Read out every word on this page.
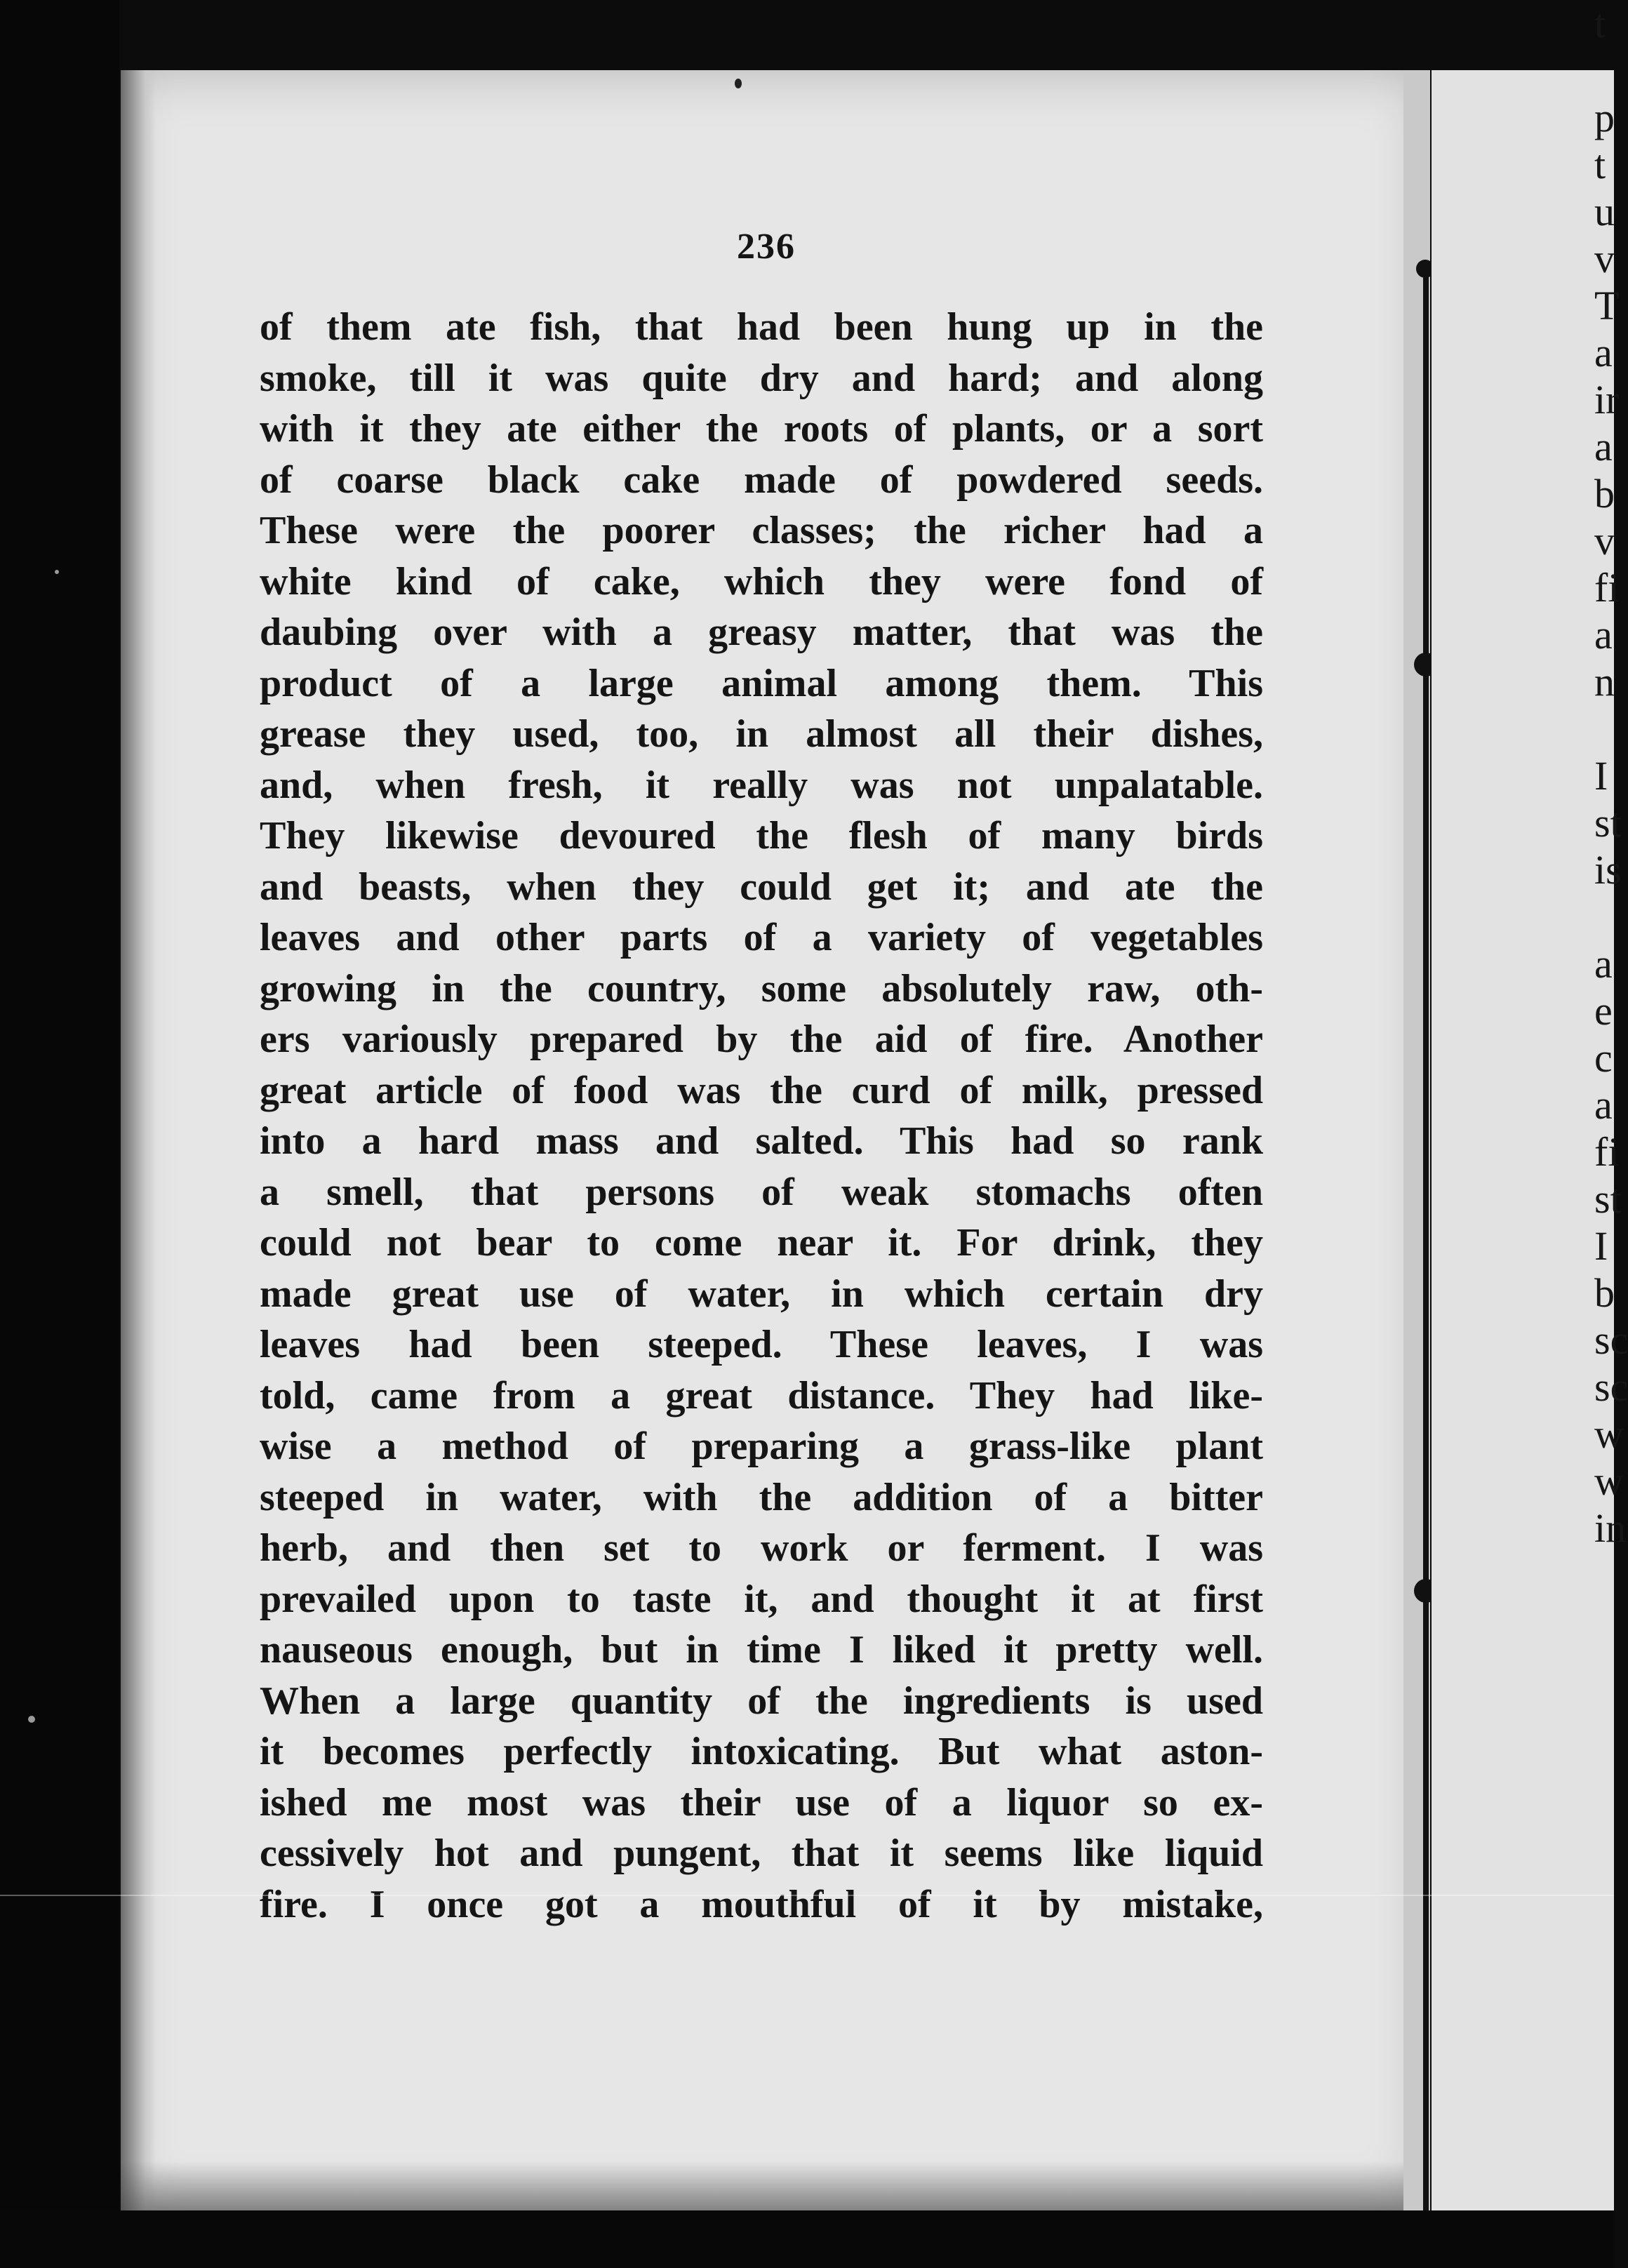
t

p
t
u
v
T
a
ir
a
b
v
fi
a
n

I
st
is

a
e
c
a
fi
st
I
b
sc
sc
w
w
in
236
of them ate fish, that had been hung up in the
smoke, till it was quite dry and hard; and along
with it they ate either the roots of plants, or a sort
of coarse black cake made of powdered seeds.
These were the poorer classes; the richer had a
white kind of cake, which they were fond of
daubing over with a greasy matter, that was the
product of a large animal among them. This
grease they used, too, in almost all their dishes,
and, when fresh, it really was not unpalatable.
They likewise devoured the flesh of many birds
and beasts, when they could get it; and ate the
leaves and other parts of a variety of vegetables
growing in the country, some absolutely raw, oth-
ers variously prepared by the aid of fire. Another
great article of food was the curd of milk, pressed
into a hard mass and salted. This had so rank
a smell, that persons of weak stomachs often
could not bear to come near it. For drink, they
made great use of water, in which certain dry
leaves had been steeped. These leaves, I was
told, came from a great distance. They had like-
wise a method of preparing a grass-like plant
steeped in water, with the addition of a bitter
herb, and then set to work or ferment. I was
prevailed upon to taste it, and thought it at first
nauseous enough, but in time I liked it pretty well.
When a large quantity of the ingredients is used
it becomes perfectly intoxicating. But what aston-
ished me most was their use of a liquor so ex-
cessively hot and pungent, that it seems like liquid
fire. I once got a mouthful of it by mistake,
